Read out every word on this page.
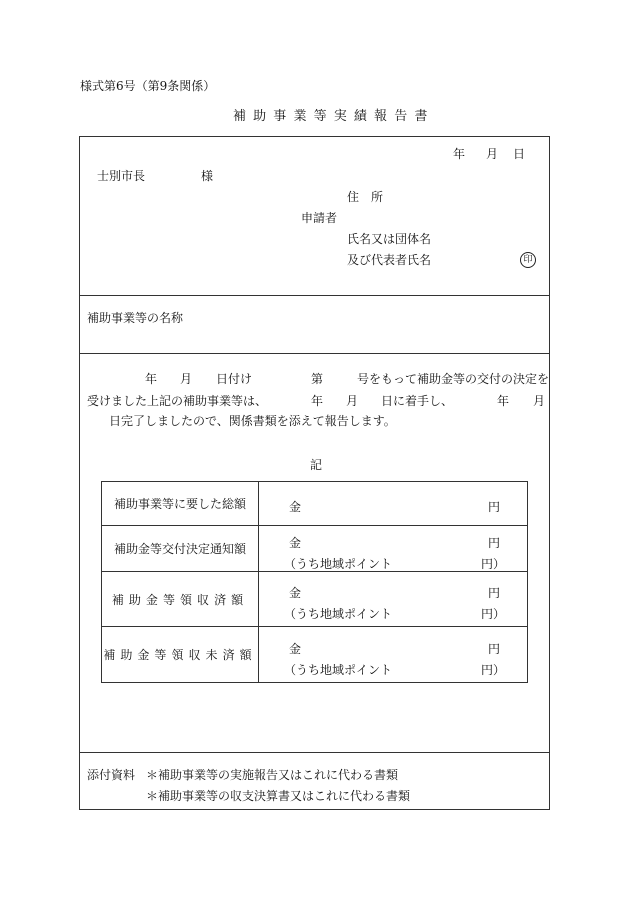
様式第6号（第9条関係）
補助事業等実績報告書
年 月 日
士別市長	様
住　所
申請者
氏名又は団体名
及び代表者氏名	印
補助事業等の名称
年 月 日付け	第	号をもって補助金等の交付の決定を
受けました上記の補助事業等は、	年 月 日に着手し、	年 月
日完了しましたので、関係書類を添えて報告します。
記
補助事業等に要した総額	金 円

補助金等交付決定通知額	金 円
（うち地域ポイント 円）

補助金等領収済額	金 円
（うち地域ポイント 円）

補助金等領収未済額	金 円
（うち地域ポイント 円）
添付資料 ＊補助事業等の実施報告又はこれに代わる書類
＊補助事業等の収支決算書又はこれに代わる書類
